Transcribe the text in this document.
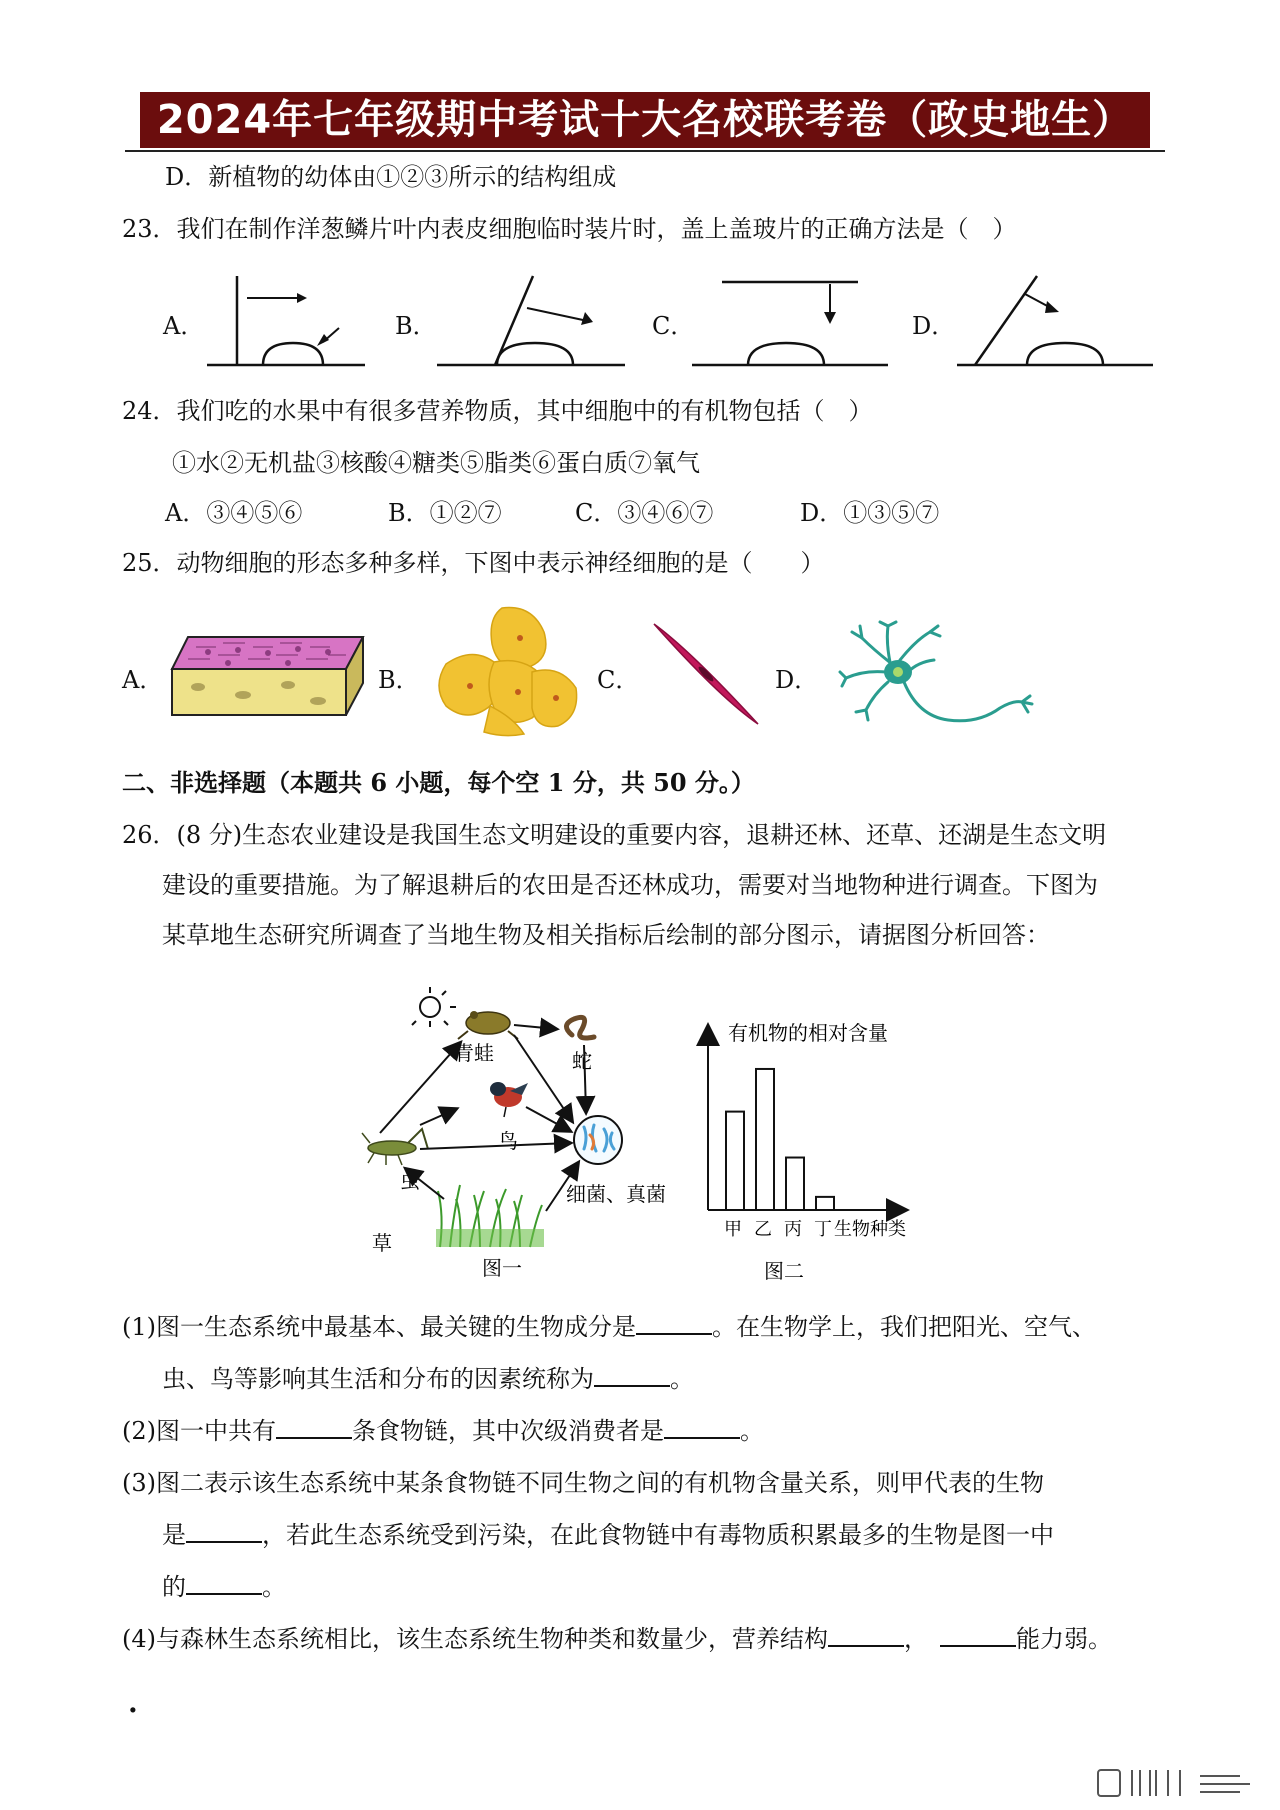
2024年七年级期中考试十大名校联考卷（政史地生）
D．新植物的幼体由①②③所示的结构组成
23．我们在制作洋葱鳞片叶内表皮细胞临时装片时，盖上盖玻片的正确方法是（　）
A．	B．	C．	D．
24．我们吃的水果中有很多营养物质，其中细胞中的有机物包括（　）
①水②无机盐③核酸④糖类⑤脂类⑥蛋白质⑦氧气
A．③④⑤⑥	B．①②⑦	C．③④⑥⑦	D．①③⑤⑦
25．动物细胞的形态多种多样，下图中表示神经细胞的是（　　）
A．	B．	C．	D．
二、非选择题（本题共 6 小题，每个空 1 分，共 50 分。）
26．(8 分)生态农业建设是我国生态文明建设的重要内容，退耕还林、还草、还湖是生态文明
建设的重要措施。为了解退耕后的农田是否还林成功，需要对当地物种进行调查。下图为
某草地生态研究所调查了当地生物及相关指标后绘制的部分图示，请据图分析回答：
青蛙	蛇
鸟
虫
草
细菌、真菌
图一
有机物的相对含量
甲 乙 丙 丁 生物种类
图二
(1)图一生态系统中最基本、最关键的生物成分是	。在生物学上，我们把阳光、空气、
虫、鸟等影响其生活和分布的因素统称为	。
(2)图一中共有	条食物链，其中次级消费者是	。
(3)图二表示该生态系统中某条食物链不同生物之间的有机物含量关系，则甲代表的生物
是	，若此生态系统受到污染，在此食物链中有毒物质积累最多的生物是图一中
的	。
(4)与森林生态系统相比，该生态系统生物种类和数量少，营养结构	，	能力弱。
.
